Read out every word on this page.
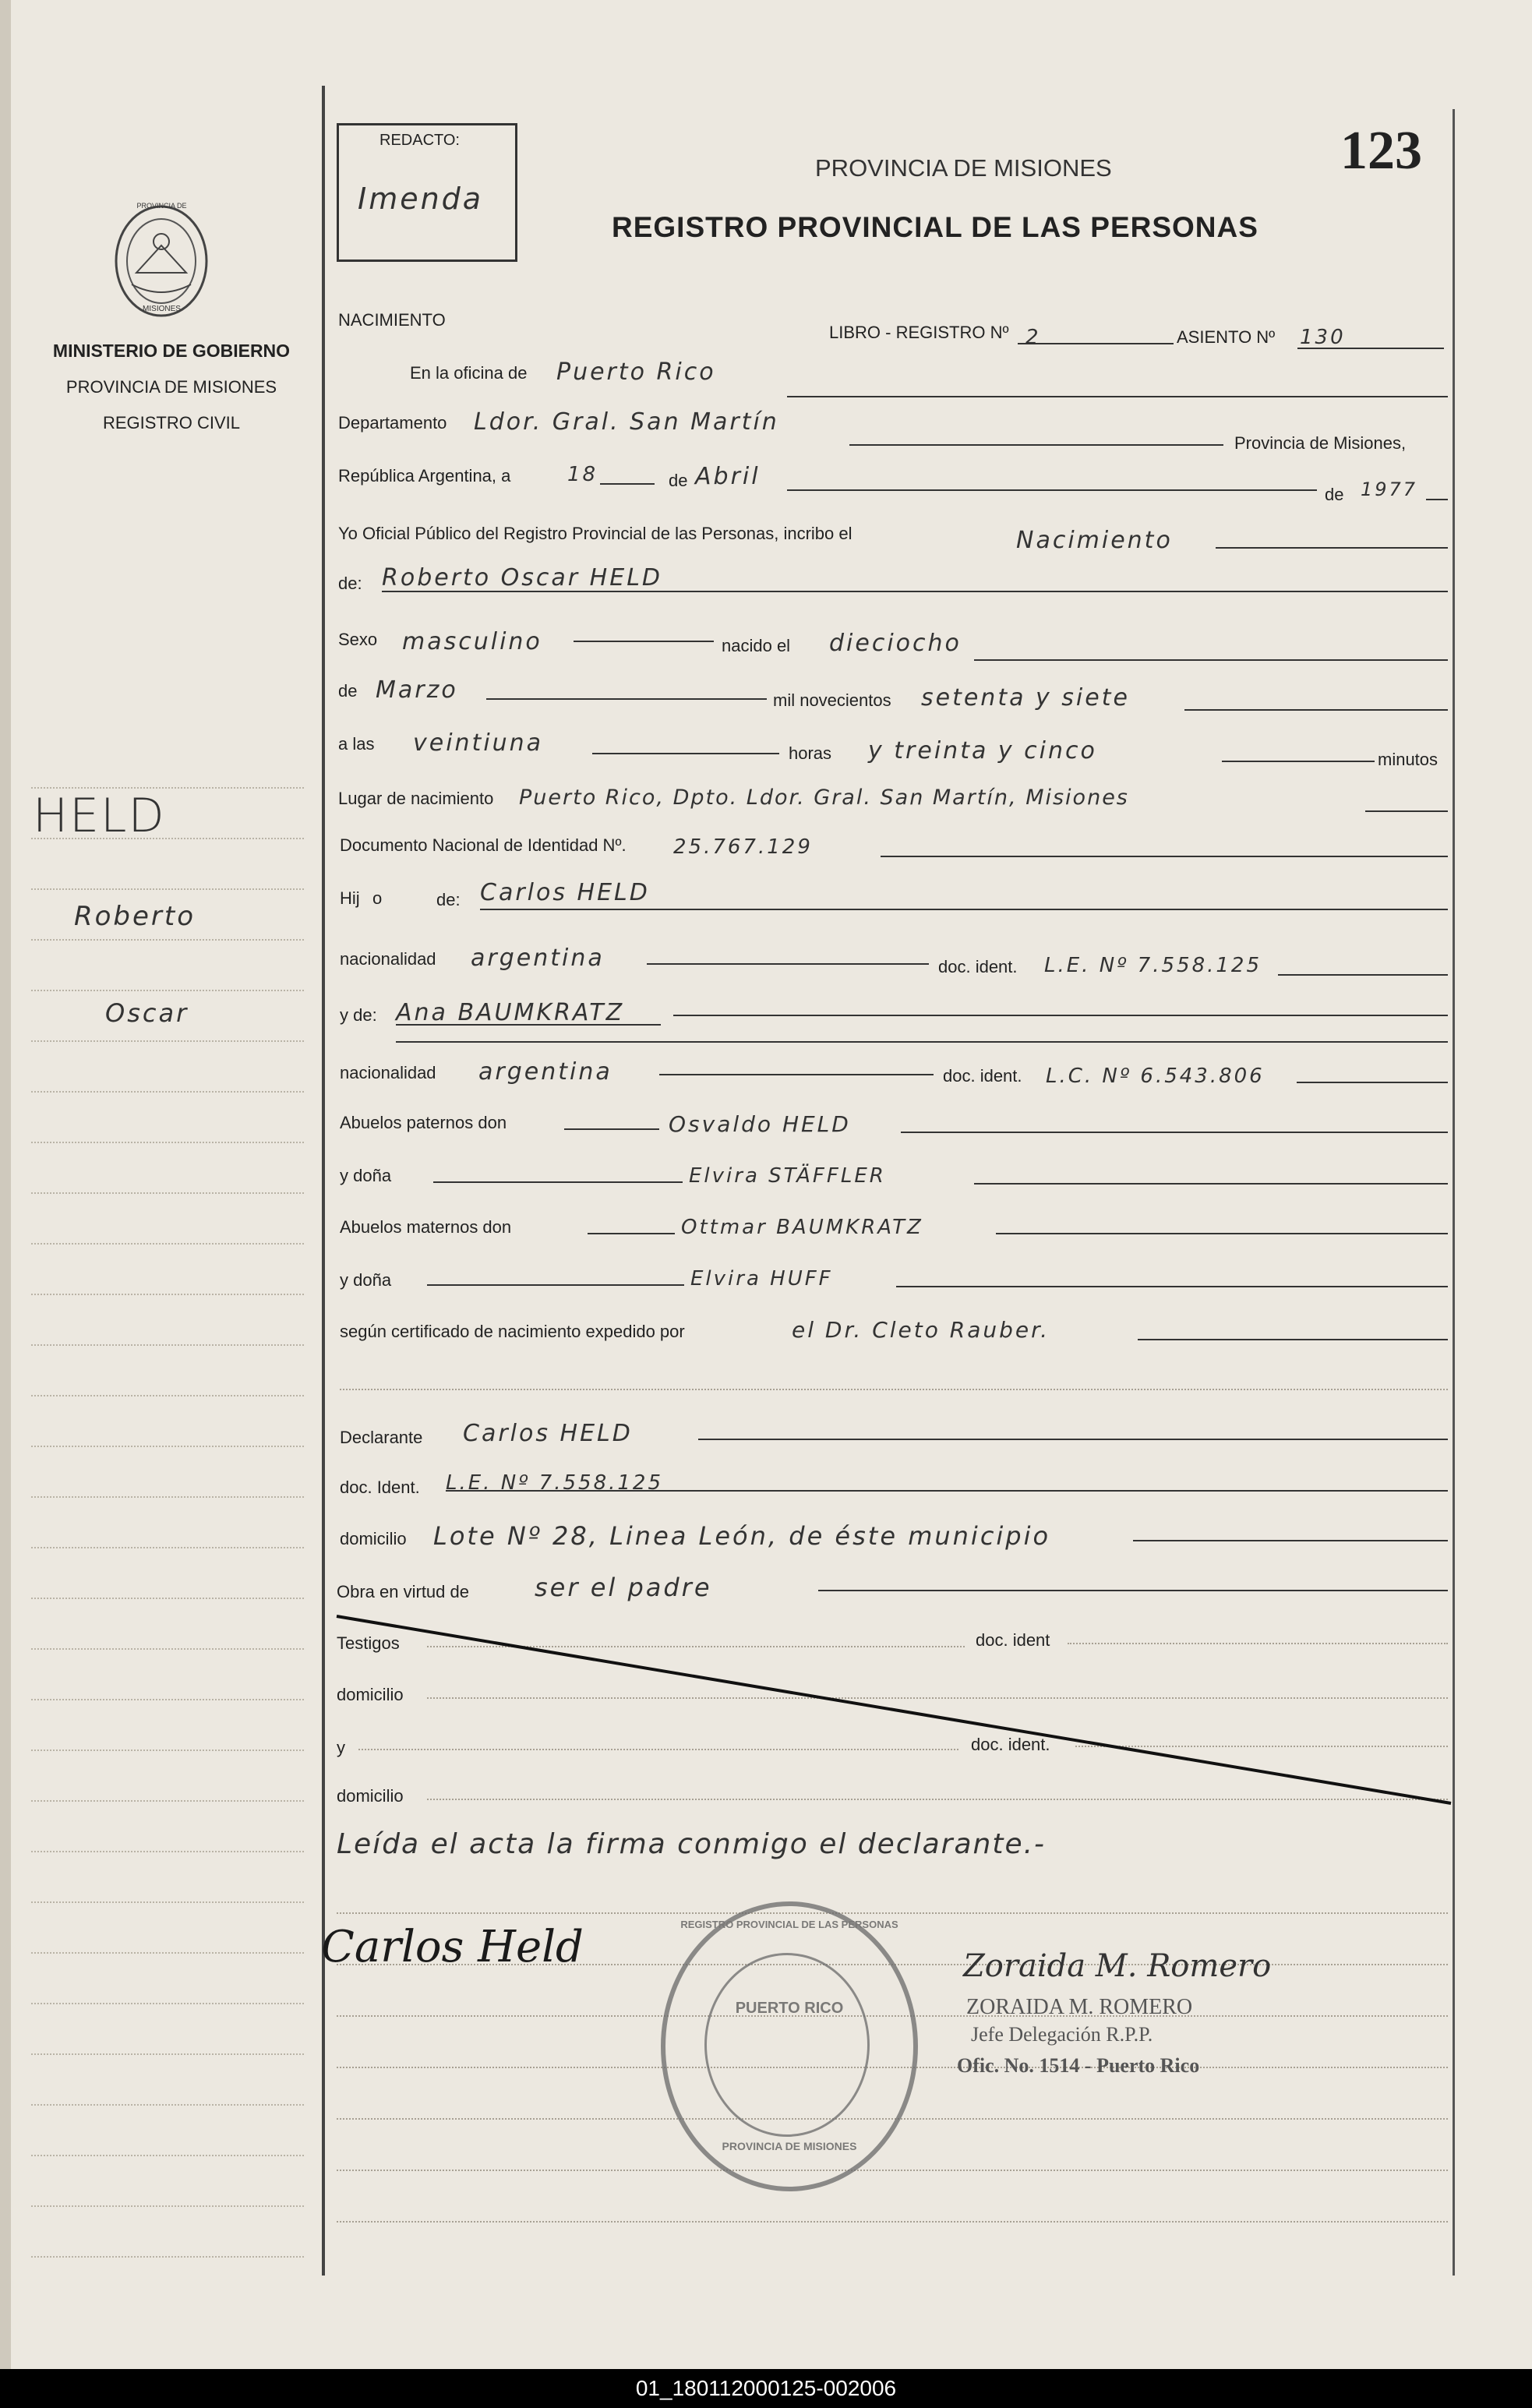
PROVINCIA DE
MISIONES
MINISTERIO DE GOBIERNO
PROVINCIA DE MISIONES
REGISTRO CIVIL
HELD
Roberto
Oscar
REDACTO:
Imenda
PROVINCIA DE MISIONES
REGISTRO PROVINCIAL DE LAS PERSONAS
123
NACIMIENTO
LIBRO - REGISTRO Nº 2	ASIENTO Nº 130
En la oficina de Puerto Rico
Departamento Ldor. Gral. San Martín
Provincia de Misiones,
República Argentina, a	18	de Abril
de 1977
Yo Oficial Público del Registro Provincial de las Personas, incribo el	Nacimiento
de: Roberto Oscar HELD
Sexo masculino	nacido el dieciocho
de Marzo	mil novecientos setenta y siete
a las veintiuna	horas y treinta y cinco	minutos
Lugar de nacimiento Puerto Rico, Dpto. Ldor. Gral. San Martín, Misiones
Documento Nacional de Identidad Nº. 25.767.129
Hij o	de: Carlos HELD
nacionalidad argentina	doc. ident. L.E. Nº 7.558.125
y de: Ana BAUMKRATZ
nacionalidad argentina	doc. ident. L.C. Nº 6.543.806
Abuelos paternos don	Osvaldo HELD
y doña	Elvira STÄFFLER
Abuelos maternos don	Ottmar BAUMKRATZ
y doña	Elvira HUFF
según certificado de nacimiento expedido por	el Dr. Cleto Rauber.
Declarante Carlos HELD
doc. Ident. L.E. Nº 7.558.125
domicilio Lote Nº 28, Linea León, de éste municipio
Obra en virtud de	ser el padre
Testigos	doc. ident
domicilio
y	doc. ident.
domicilio
Leída el acta la firma conmigo el declarante.-
Carlos Held	REGISTRO PROVINCIAL DE LAS PERSONAS
PUERTO RICO
PROVINCIA DE MISIONES
Zoraida M. Romero
ZORAIDA M. ROMERO
Jefe Delegación R.P.P.
Ofic. No. 1514 - Puerto Rico
01_180112000125-002006
